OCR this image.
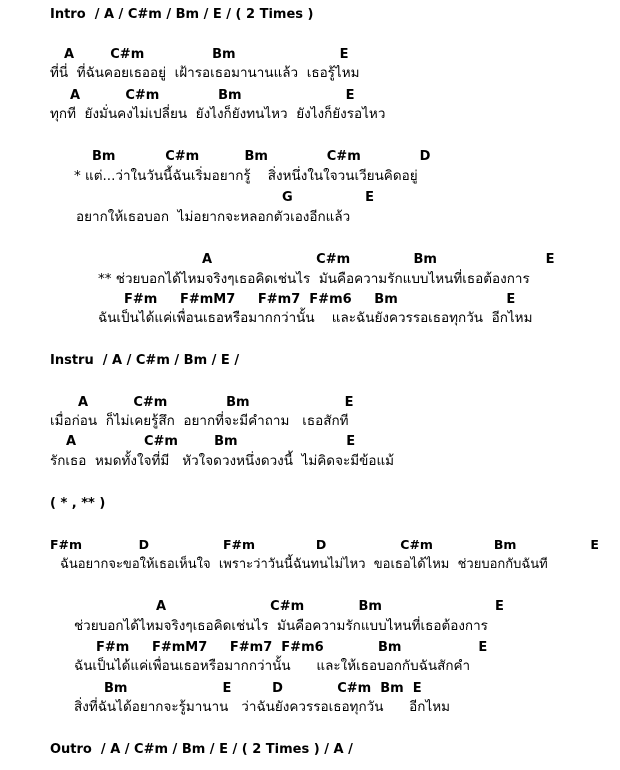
Intro  / A / C#m / Bm / E / ( 2 Times )
A        C#m               Bm                       E
ที่นี่  ที่ฉันคอยเธออยู่  เฝ้ารอเธอมานานแล้ว  เธอรู้ไหม
A          C#m             Bm                       E
ทุกที  ยังมั่นคงไม่เปลี่ยน  ยังไงก็ยังทนไหว  ยังไงก็ยังรอไหว
Bm           C#m          Bm             C#m             D
* แต่...ว่าในวันนี้ฉันเริ่มอยากรู้    สิ่งหนึ่งในใจวนเวียนคิดอยู่
G                E
อยากให้เธอบอก  ไม่อยากจะหลอกตัวเองอีกแล้ว
A                       C#m              Bm                        E
** ช่วยบอกได้ไหมจริงๆเธอคิดเช่นไร  มันคือความรักแบบไหนที่เธอต้องการ
F#m     F#mM7     F#m7  F#m6     Bm                        E
ฉันเป็นได้แค่เพื่อนเธอหรือมากกว่านั้น    และฉันยังควรรอเธอทุกวัน  อีกไหม
Instru  / A / C#m / Bm / E /
A          C#m             Bm                     E
เมื่อก่อน  ก็ไม่เคยรู้สึก  อยากที่จะมีคำถาม   เธอสักที
A               C#m        Bm                        E
รักเธอ  หมดทั้งใจที่มี   หัวใจดวงหนึ่งดวงนี้  ไม่คิดจะมีข้อแม้
( * , ** )
F#m             D                 F#m              D                 C#m              Bm                 E
ฉันอยากจะขอให้เธอเห็นใจ  เพราะว่าวันนี้ฉันทนไม่ไหว  ขอเธอได้ไหม  ช่วยบอกกับฉันที
A                       C#m            Bm                         E
ช่วยบอกได้ไหมจริงๆเธอคิดเช่นไร  มันคือความรักแบบไหนที่เธอต้องการ
F#m     F#mM7     F#m7  F#m6            Bm                 E
ฉันเป็นได้แค่เพื่อนเธอหรือมากกว่านั้น      และให้เธอบอกกับฉันสักคำ
Bm                     E         D            C#m  Bm  E
สิ่งที่ฉันได้อยากจะรู้มานาน   ว่าฉันยังควรรอเธอทุกวัน      อีกไหม
Outro  / A / C#m / Bm / E / ( 2 Times ) / A /
